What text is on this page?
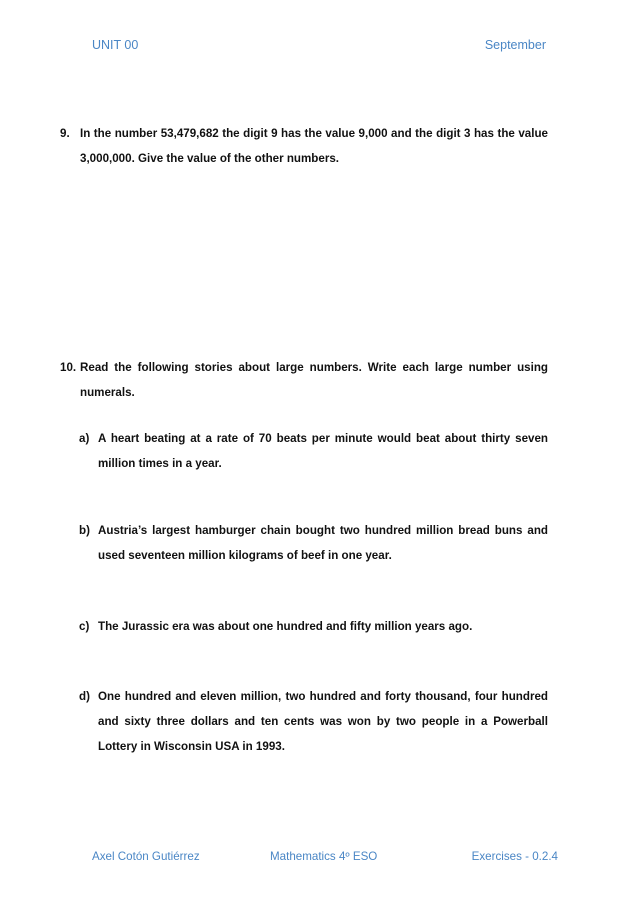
UNIT 00	September
9. In the number 53,479,682 the digit 9 has the value 9,000 and the digit 3 has the value 3,000,000. Give the value of the other numbers.
10. Read the following stories about large numbers. Write each large number using numerals.
a) A heart beating at a rate of 70 beats per minute would beat about thirty seven million times in a year.
b) Austria’s largest hamburger chain bought two hundred million bread buns and used seventeen million kilograms of beef in one year.
c) The Jurassic era was about one hundred and fifty million years ago.
d) One hundred and eleven million, two hundred and forty thousand, four hundred and sixty three dollars and ten cents was won by two people in a Powerball Lottery in Wisconsin USA in 1993.
Axel Cotón Gutiérrez	Mathematics 4º ESO	Exercises - 0.2.4
